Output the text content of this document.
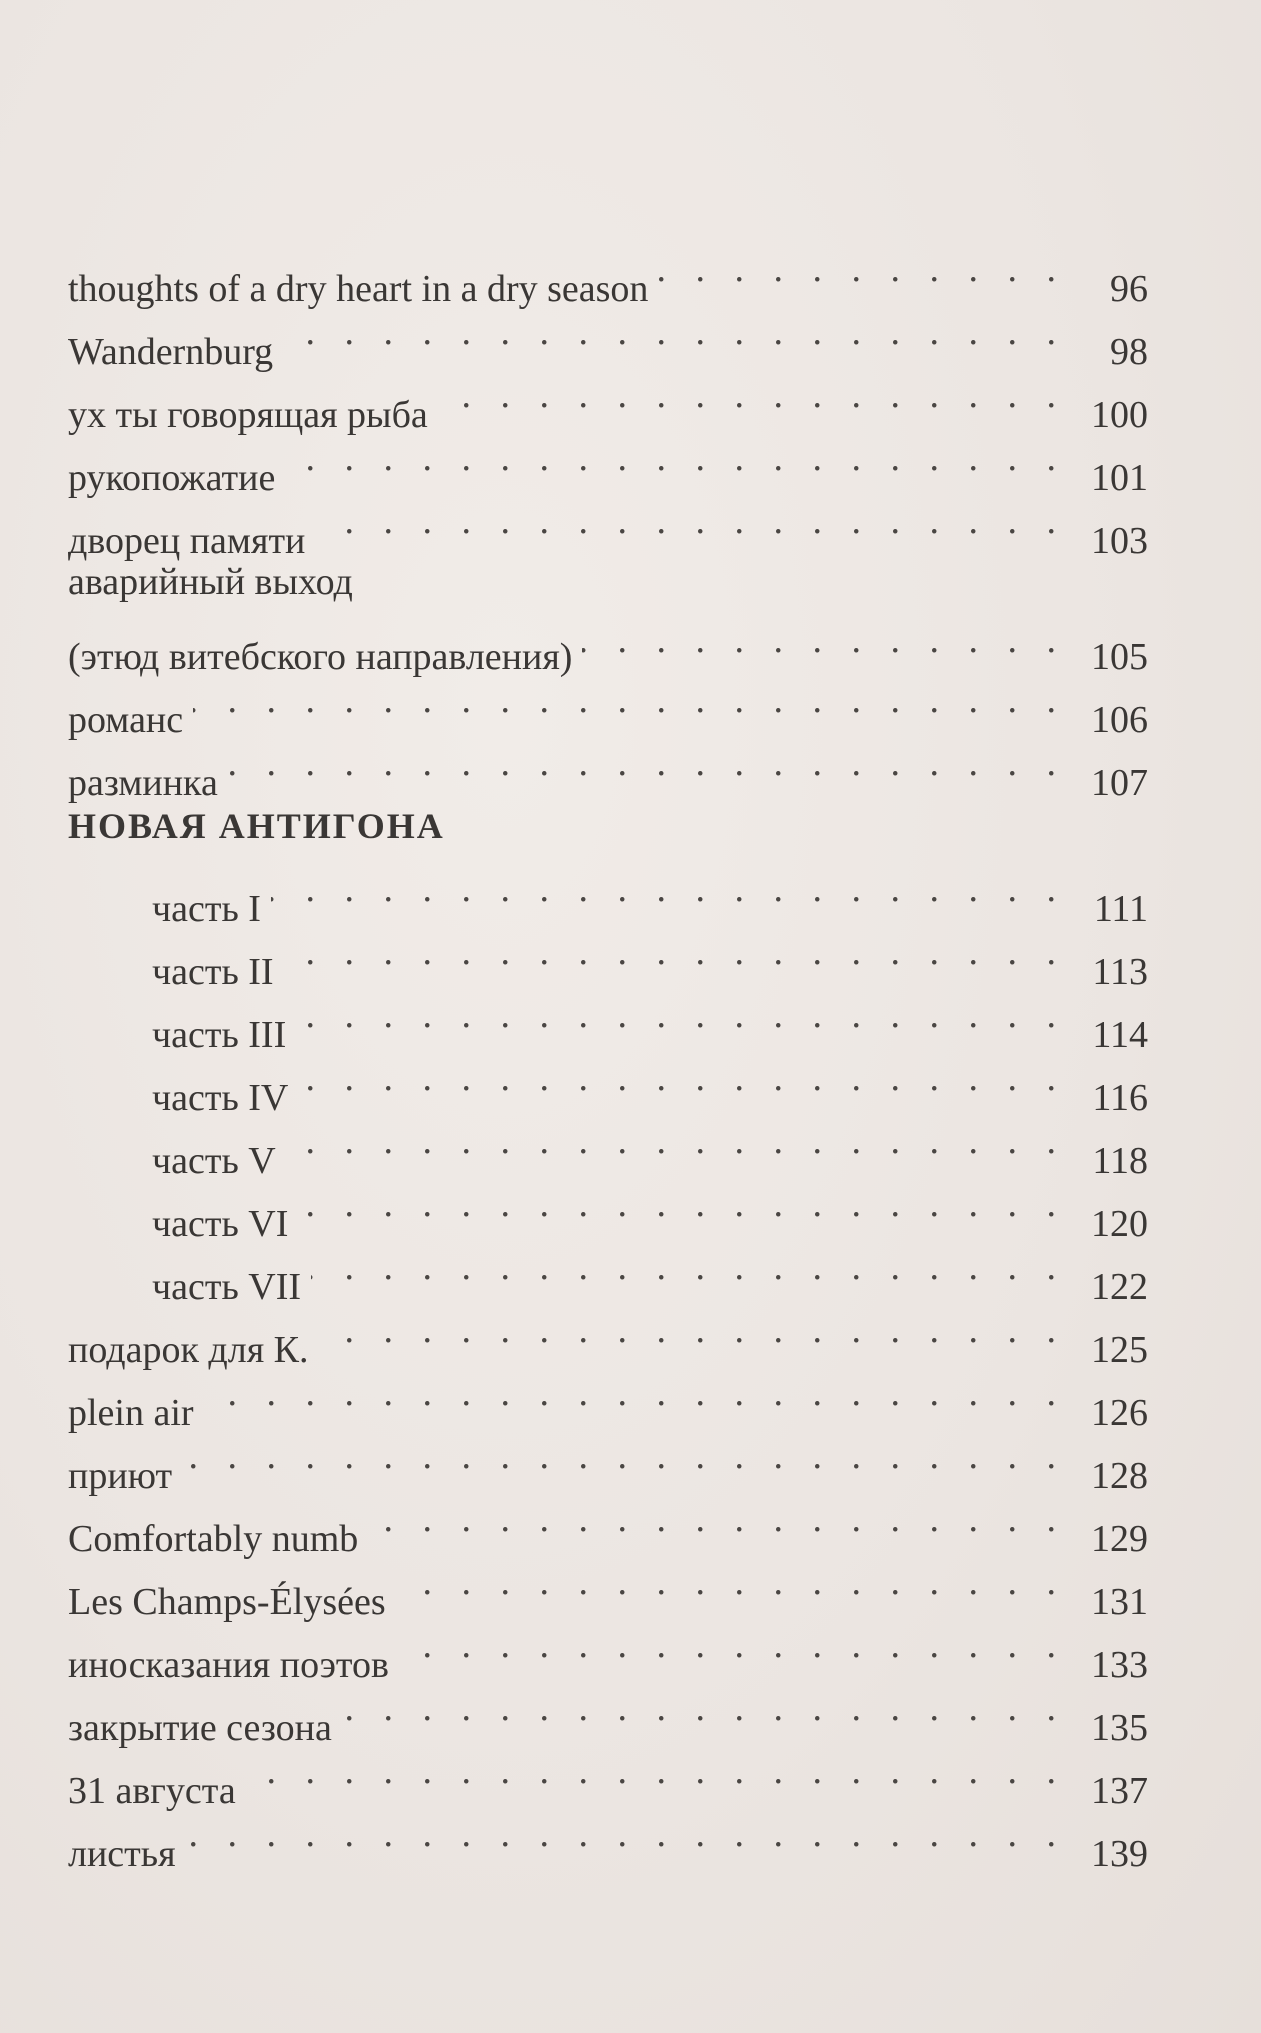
thoughts of a dry heart in a dry season . . .	96
Wandernburg . . .	98
ух ты говорящая рыба . . .	100
рукопожатие . . .	101
дворец памяти . . .	103
аварийный выход
(этюд витебского направления) . . .	105
романс . . .	106
разминка . . .	107
НОВАЯ АНТИГОНА
часть I . . .	111
часть II . . .	113
часть III . . .	114
часть IV . . .	116
часть V . . .	118
часть VI . . .	120
часть VII . . .	122
подарок для К. . . .	125
plein air . . .	126
приют . . .	128
Comfortably numb . . .	129
Les Champs-Élysées . . .	131
иносказания поэтов . . .	133
закрытие сезона . . .	135
31 августа . . .	137
листья . . .	139
